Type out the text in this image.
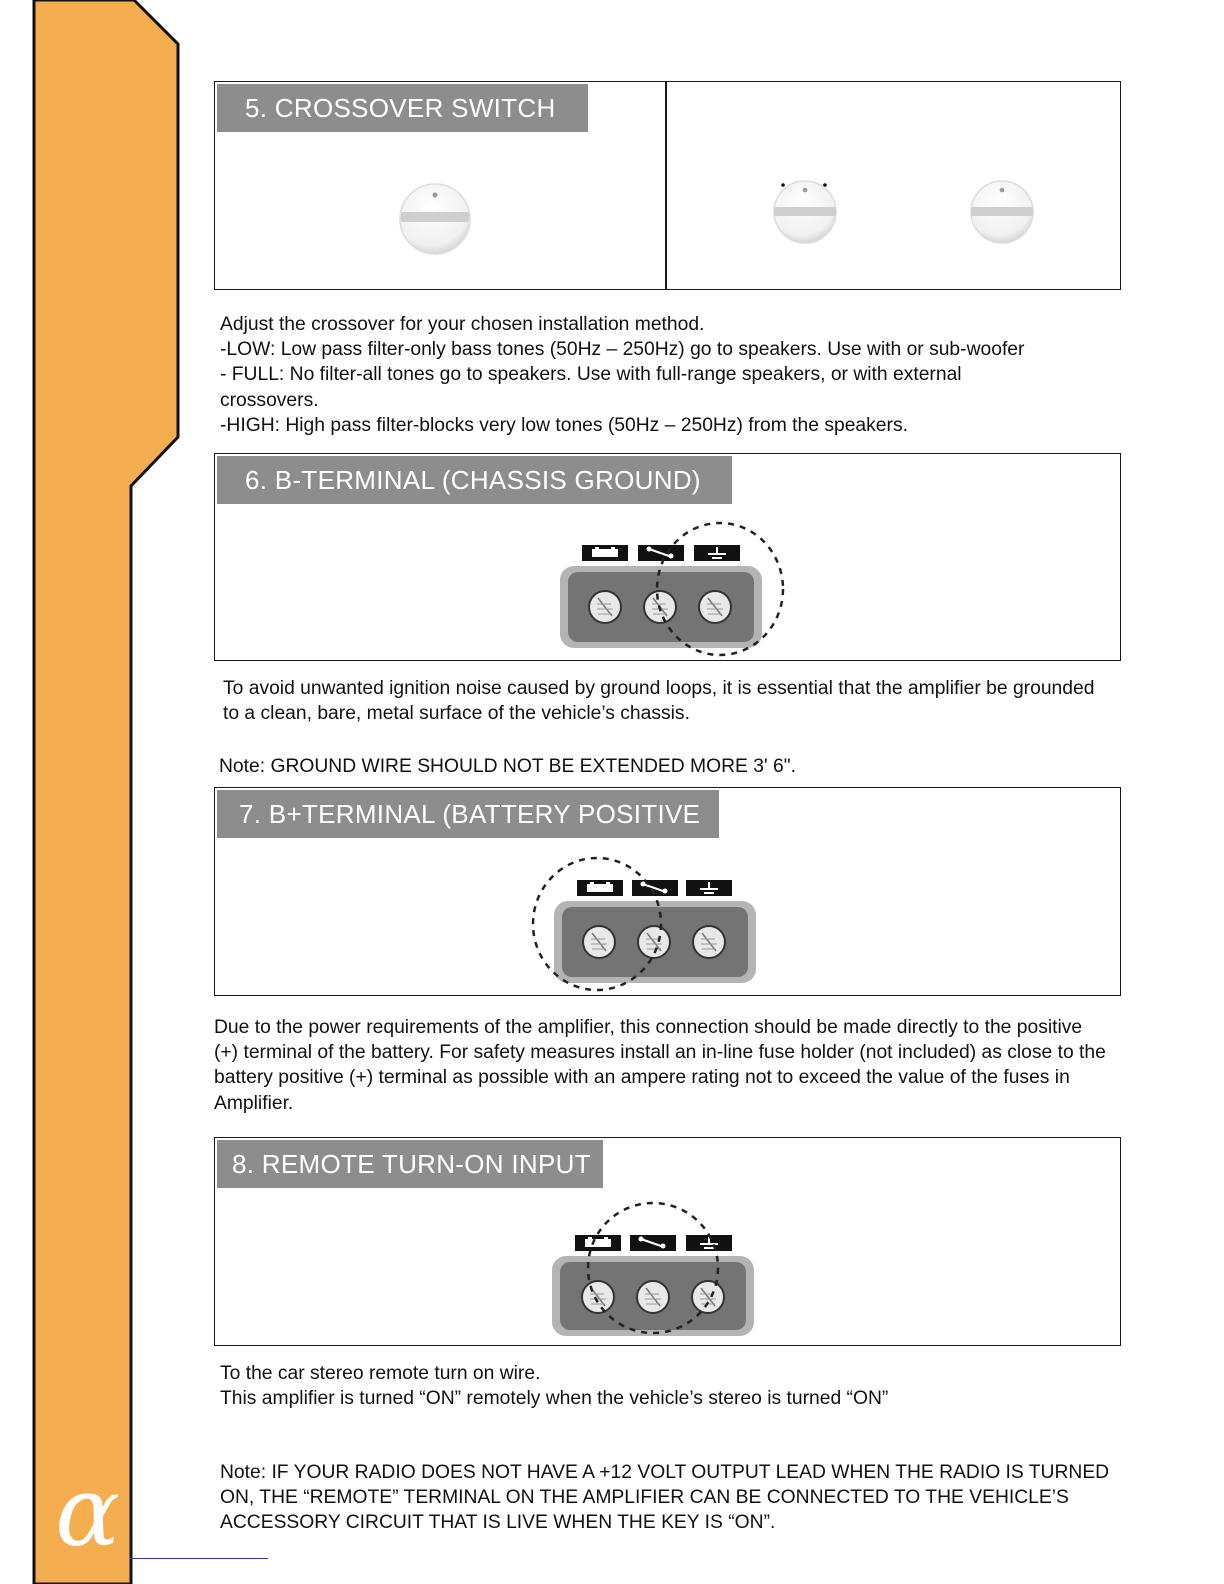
α
5. CROSSOVER SWITCH

Adjust the crossover for your chosen installation method.

-LOW: Low pass filter-only bass tones (50Hz – 250Hz) go to speakers. Use with or sub-woofer

- FULL: No filter-all tones go to speakers. Use with full-range speakers, or with external crossovers.

-HIGH: High pass filter-blocks very low tones (50Hz – 250Hz) from the speakers.

6. B-TERMINAL (CHASSIS GROUND)
To avoid unwanted ignition noise caused by ground loops, it is essential that the amplifier be grounded to a clean, bare, metal surface of the vehicle’s chassis.
Note: GROUND WIRE SHOULD NOT BE EXTENDED MORE 3' 6".
7. B+TERMINAL (BATTERY POSITIVE
Due to the power requirements of the amplifier, this connection should be made directly to the positive (+) terminal of the battery. For safety measures install an in-line fuse holder (not included) as close to the battery positive (+) terminal as possible with an ampere rating not to exceed the value of the fuses in Amplifier.
8. REMOTE TURN-ON INPUT

To the car stereo remote turn on wire.

This amplifier is turned “ON” remotely when the vehicle’s stereo is turned “ON”

Note: IF YOUR RADIO DOES NOT HAVE A +12 VOLT OUTPUT LEAD WHEN THE RADIO IS TURNED ON, THE “REMOTE” TERMINAL ON THE AMPLIFIER CAN BE CONNECTED TO THE VEHICLE’S ACCESSORY CIRCUIT THAT IS LIVE WHEN THE KEY IS “ON”.
